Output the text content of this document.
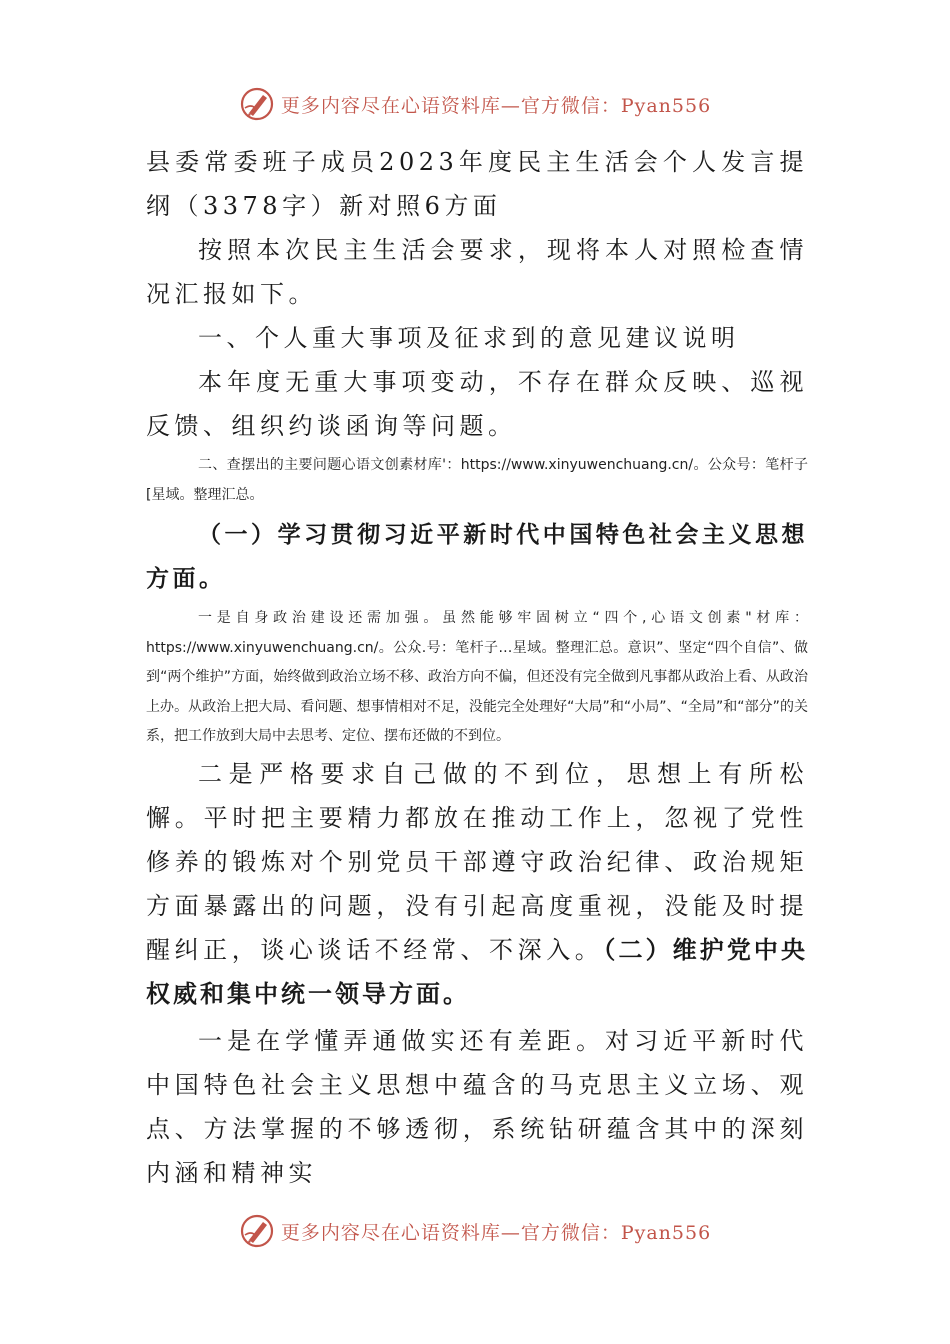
更多内容尽在心语资料库—官方微信：Pyan556

县委常委班子成员2023年度民主生活会个人发言提纲（3378字）新对照6方面

按照本次民主生活会要求，现将本人对照检查情况汇报如下。

一、个人重大事项及征求到的意见建议说明

本年度无重大事项变动，不存在群众反映、巡视反馈、组织约谈函询等问题。

二、查摆出的主要问题心语文创素材库'：https://www.xinyuwenchuang.cn/。公众号：笔杆子[星域。整理汇总。

（一）学习贯彻习近平新时代中国特色社会主义思想方面。

一是自身政治建设还需加强。虽然能够牢固树立“四个,心语文创素"材库：https://www.xinyuwenchuang.cn/。公众.号：笔杆子…星域。整理汇总。意识”、坚定“四个自信”、做到“两个维护”方面，始终做到政治立场不移、政治方向不偏，但还没有完全做到凡事都从政治上看、从政治上办。从政治上把大局、看问题、想事情相对不足，没能完全处理好“大局”和“小局”、“全局”和“部分”的关系，把工作放到大局中去思考、定位、摆布还做的不到位。

二是严格要求自己做的不到位，思想上有所松懈。平时把主要精力都放在推动工作上，忽视了党性修养的锻炼对个别党员干部遵守政治纪律、政治规矩方面暴露出的问题，没有引起高度重视，没能及时提醒纠正，谈心谈话不经常、不深入。（二）维护党中央权威和集中统一领导方面。

一是在学懂弄通做实还有差距。对习近平新时代中国特色社会主义思想中蕴含的马克思主义立场、观点、方法掌握的不够透彻，系统钻研蕴含其中的深刻内涵和精神实

更多内容尽在心语资料库—官方微信：Pyan556
